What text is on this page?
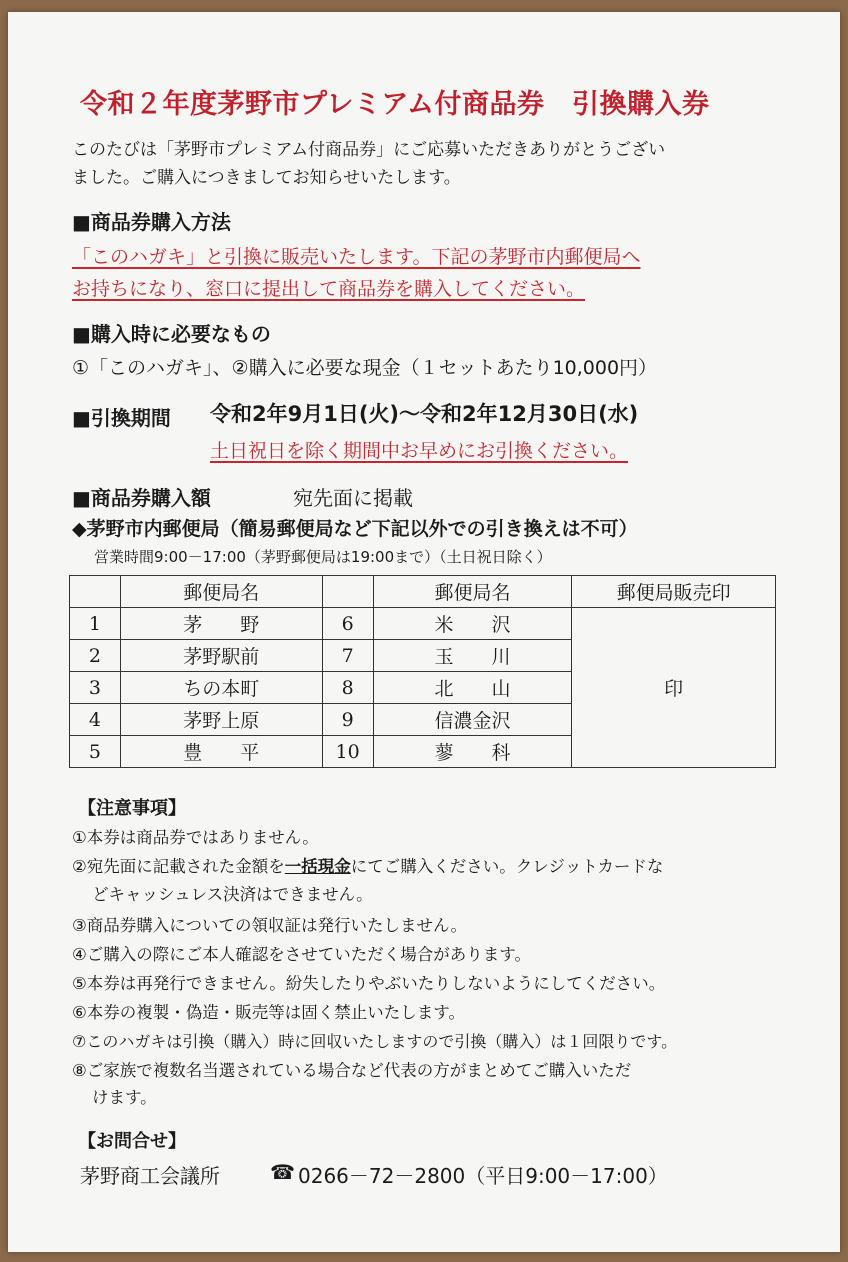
令和２年度茅野市プレミアム付商品券　引換購入券
このたびは「茅野市プレミアム付商品券」にご応募いただきありがとうござい
ました。ご購入につきましてお知らせいたします。
■商品券購入方法
「このハガキ」と引換に販売いたします。下記の茅野市内郵便局へ
お持ちになり、窓口に提出して商品券を購入してください。
■購入時に必要なもの
①「このハガキ」、②購入に必要な現金（１セットあたり10,000円）
■引換期間 令和2年9月1日(火)～令和2年12月30日(水)
土日祝日を除く期間中お早めにお引換ください。
■商品券購入額	宛先面に掲載
◆茅野市内郵便局（簡易郵便局など下記以外での引き換えは不可）
営業時間9:00－17:00（茅野郵便局は19:00まで）（土日祝日除く）
	郵便局名		郵便局名	郵便局販売印
1	茅　　野	6	米　　沢	印
2	茅野駅前	7	玉　　川	
3	ちの本町	8	北　　山	
4	茅野上原	9	信濃金沢	
5	豊　　平	10	蓼　　科	
【注意事項】
①本券は商品券ではありません。
②宛先面に記載された金額を一括現金にてご購入ください。クレジットカードな
どキャッシュレス決済はできません。
③商品券購入についての領収証は発行いたしません。
④ご購入の際にご本人確認をさせていただく場合があります。
⑤本券は再発行できません。紛失したりやぶいたりしないようにしてください。
⑥本券の複製・偽造・販売等は固く禁止いたします。
⑦このハガキは引換（購入）時に回収いたしますので引換（購入）は１回限りです。
⑧ご家族で複数名当選されている場合など代表の方がまとめてご購入いただ
けます。
【お問合せ】
茅野商工会議所	☎ 0266－72－2800（平日9:00－17:00）
